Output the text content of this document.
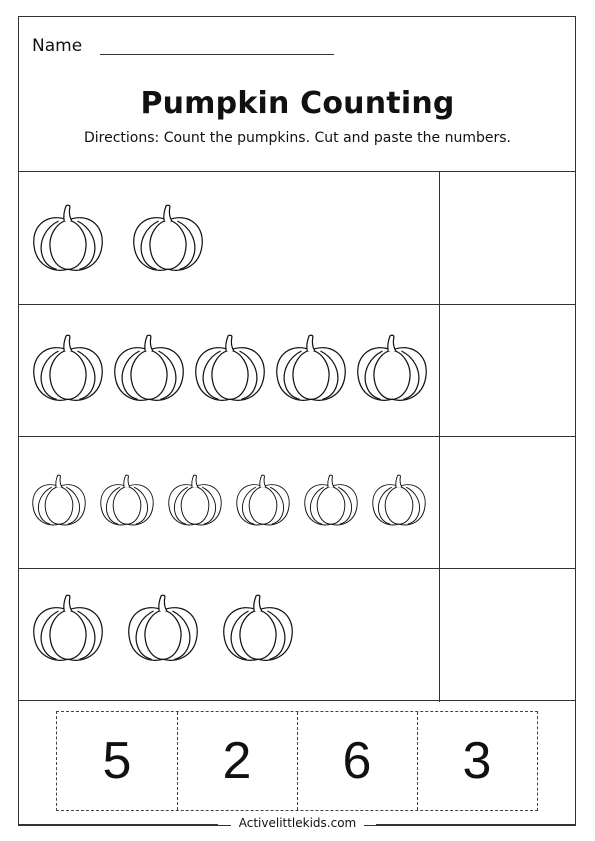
Name
Pumpkin Counting
Directions: Count the pumpkins. Cut and paste the numbers.
5	2	6	3
Activelittlekids.com
